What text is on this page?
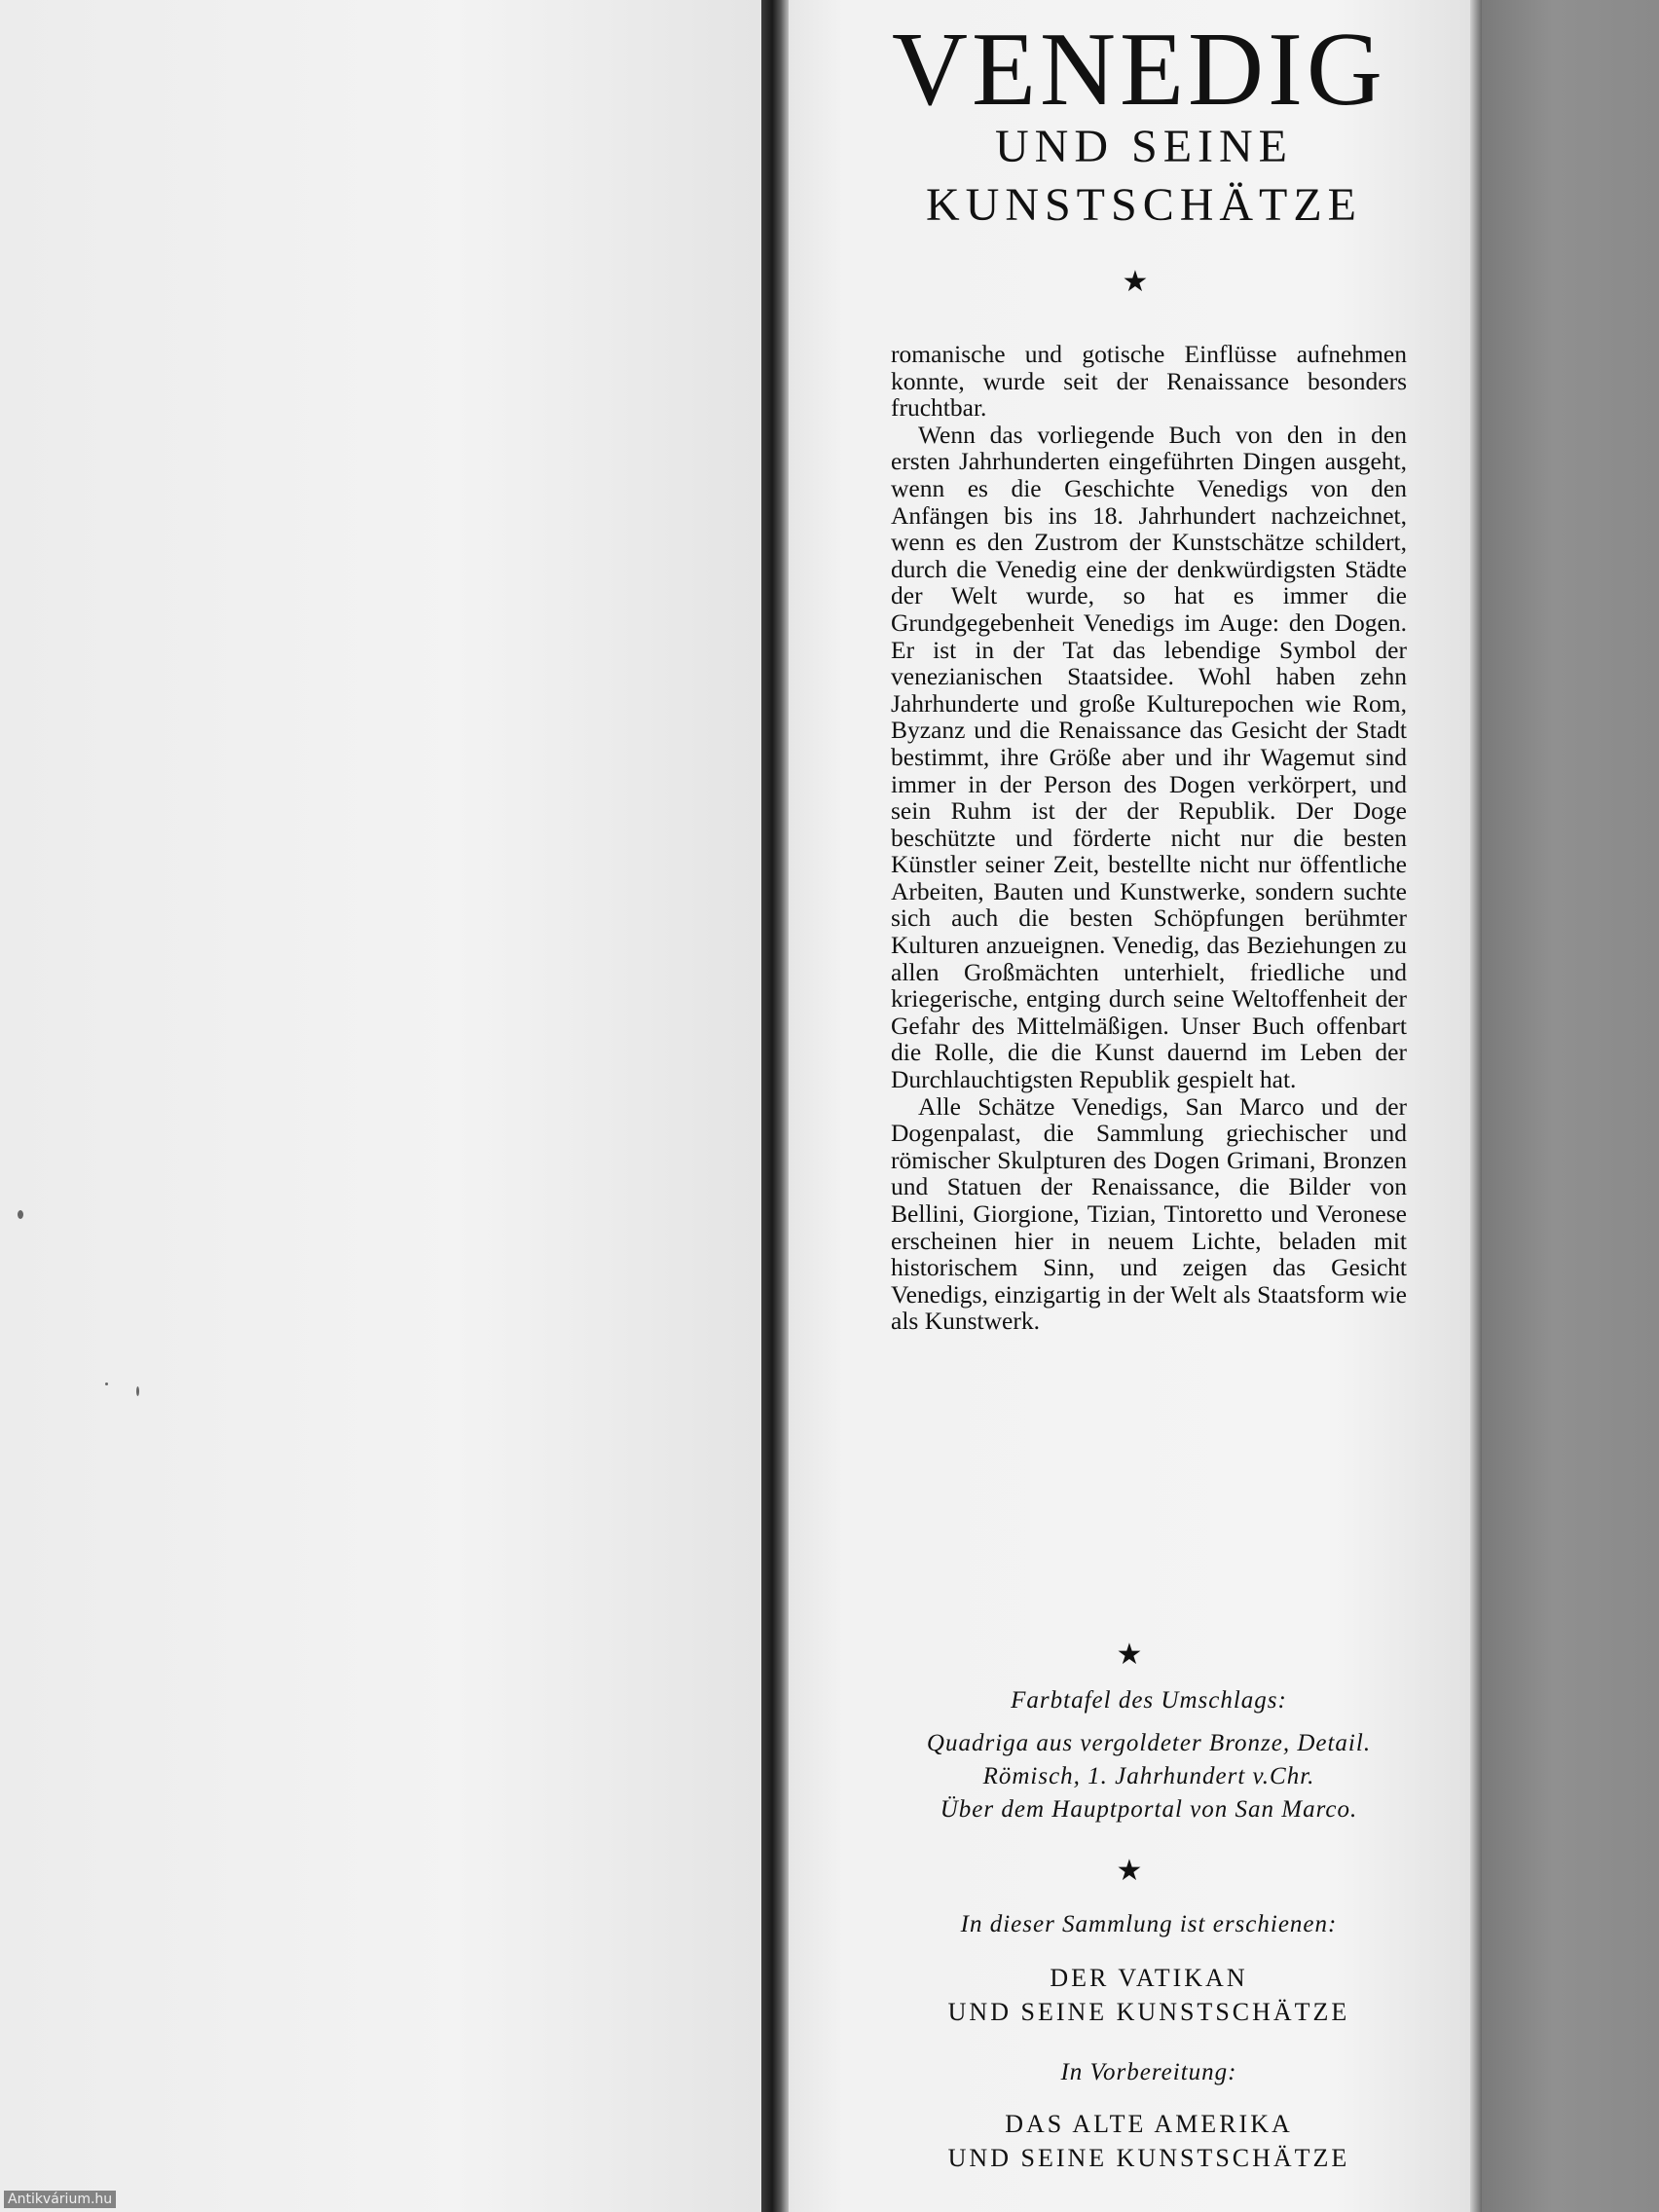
VENEDIG
UND SEINE
KUNSTSCHÄTZE
★

romanische und gotische Einflüsse aufnehmen konnte, wurde seit der Renaissance besonders fruchtbar.

Wenn das vorliegende Buch von den in den ersten Jahrhunderten eingeführten Dingen ausgeht, wenn es die Geschichte Venedigs von den Anfängen bis ins 18. Jahrhundert nachzeichnet, wenn es den Zustrom der Kunstschätze schildert, durch die Venedig eine der denkwürdigsten Städte der Welt wurde, so hat es immer die Grundgegebenheit Venedigs im Auge: den Dogen. Er ist in der Tat das lebendige Symbol der venezianischen Staatsidee. Wohl haben zehn Jahrhunderte und große Kulturepochen wie Rom, Byzanz und die Renaissance das Gesicht der Stadt bestimmt, ihre Größe aber und ihr Wagemut sind immer in der Person des Dogen verkörpert, und sein Ruhm ist der der Republik. Der Doge beschützte und förderte nicht nur die besten Künstler seiner Zeit, bestellte nicht nur öffentliche Arbeiten, Bauten und Kunstwerke, sondern suchte sich auch die besten Schöpfungen berühmter Kulturen anzueignen. Venedig, das Beziehungen zu allen Großmächten unterhielt, friedliche und kriegerische, entging durch seine Weltoffenheit der Gefahr des Mittelmäßigen. Unser Buch offenbart die Rolle, die die Kunst dauernd im Leben der Durchlauchtigsten Republik gespielt hat.

Alle Schätze Venedigs, San Marco und der Dogenpalast, die Sammlung griechischer und römischer Skulpturen des Dogen Grimani, Bronzen und Statuen der Renaissance, die Bilder von Bellini, Giorgione, Tizian, Tintoretto und Veronese erscheinen hier in neuem Lichte, beladen mit historischem Sinn, und zeigen das Gesicht Venedigs, einzigartig in der Welt als Staatsform wie als Kunstwerk.

★
Farbtafel des Umschlags:
Quadriga aus vergoldeter Bronze, Detail.
Römisch, 1. Jahrhundert v.Chr.
Über dem Hauptportal von San Marco.
★
In dieser Sammlung ist erschienen:
DER VATIKAN
UND SEINE KUNSTSCHÄTZE
In Vorbereitung:
DAS ALTE AMERIKA
UND SEINE KUNSTSCHÄTZE
Antikvárium.hu
